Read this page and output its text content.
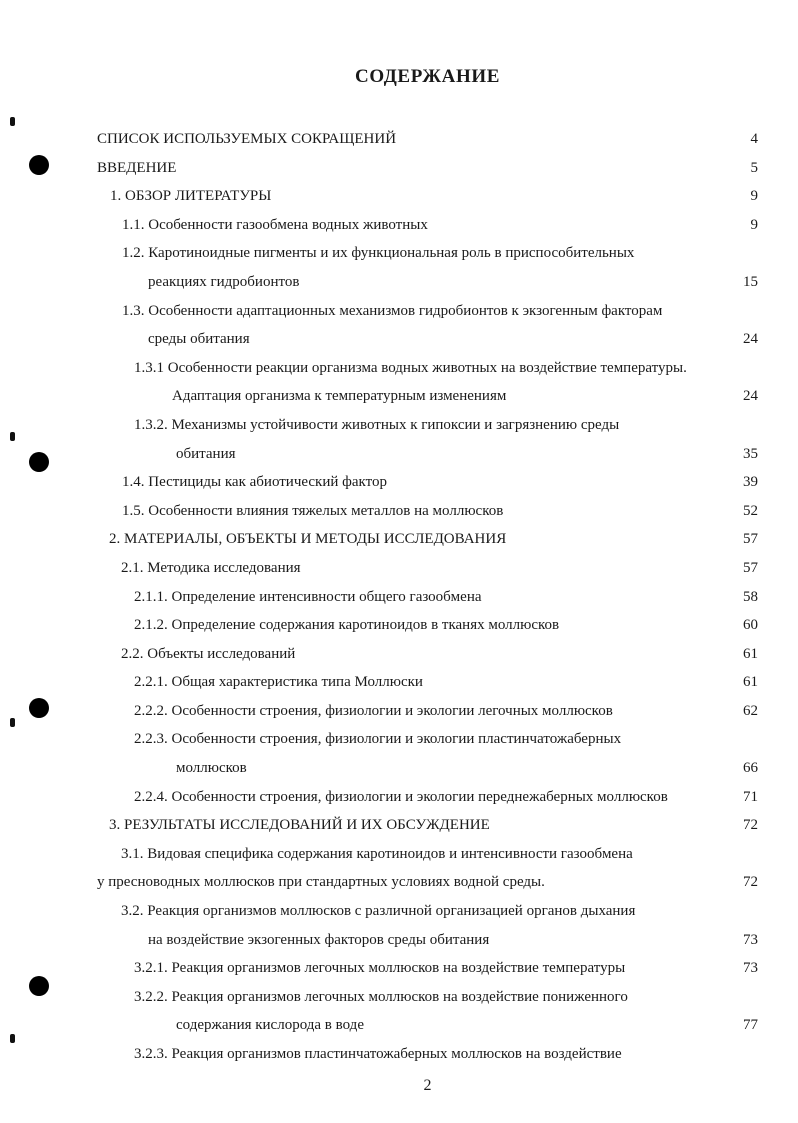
СОДЕРЖАНИЕ
СПИСОК ИСПОЛЬЗУЕМЫХ СОКРАЩЕНИЙ	4
ВВЕДЕНИЕ	5
1. ОБЗОР ЛИТЕРАТУРЫ	9
1.1. Особенности газообмена водных животных	9
1.2. Каротиноидные пигменты и их функциональная роль в приспособительных
реакциях гидробионтов	15
1.3. Особенности адаптационных механизмов гидробионтов к экзогенным факторам
среды обитания	24
1.3.1 Особенности реакции организма водных животных на воздействие температуры.
Адаптация организма к температурным изменениям	24
1.3.2. Механизмы устойчивости животных к гипоксии и загрязнению среды
обитания	35
1.4. Пестициды как абиотический фактор	39
1.5. Особенности влияния тяжелых металлов на моллюсков	52
2. МАТЕРИАЛЫ, ОБЪЕКТЫ И МЕТОДЫ ИССЛЕДОВАНИЯ	57
2.1. Методика исследования	57
2.1.1. Определение интенсивности общего газообмена	58
2.1.2. Определение содержания каротиноидов в тканях моллюсков	60
2.2. Объекты исследований	61
2.2.1. Общая характеристика типа Моллюски	61
2.2.2. Особенности строения, физиологии и экологии легочных моллюсков	62
2.2.3. Особенности строения, физиологии и экологии пластинчатожаберных
моллюсков	66
2.2.4. Особенности строения, физиологии и экологии переднежаберных моллюсков	71
3. РЕЗУЛЬТАТЫ ИССЛЕДОВАНИЙ И ИХ ОБСУЖДЕНИЕ	72
3.1. Видовая специфика содержания каротиноидов и интенсивности газообмена
у пресноводных моллюсков при стандартных условиях водной среды.	72
3.2. Реакция организмов моллюсков с различной организацией органов дыхания
на воздействие экзогенных факторов среды обитания	73
3.2.1. Реакция организмов легочных моллюсков на воздействие температуры	73
3.2.2. Реакция организмов легочных моллюсков на воздействие пониженного
содержания кислорода в воде	77
3.2.3. Реакция организмов пластинчатожаберных моллюсков на воздействие
2
